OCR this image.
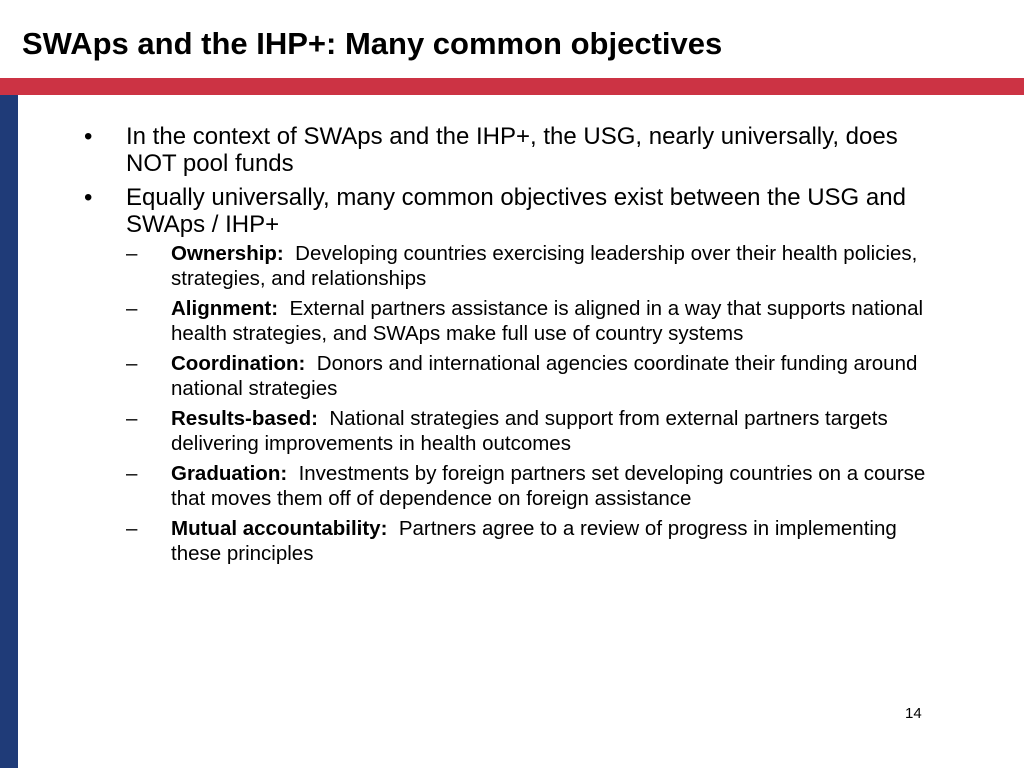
SWAps and the IHP+: Many common objectives
• In the context of SWAps and the IHP+, the USG, nearly universally, does NOT pool funds
• Equally universally, many common objectives exist between the USG and SWAps / IHP+
– Ownership: Developing countries exercising leadership over their health policies, strategies, and relationships
– Alignment: External partners assistance is aligned in a way that supports national health strategies, and SWAps make full use of country systems
– Coordination: Donors and international agencies coordinate their funding around national strategies
– Results-based: National strategies and support from external partners targets delivering improvements in health outcomes
– Graduation: Investments by foreign partners set developing countries on a course that moves them off of dependence on foreign assistance
– Mutual accountability: Partners agree to a review of progress in implementing these principles
14
